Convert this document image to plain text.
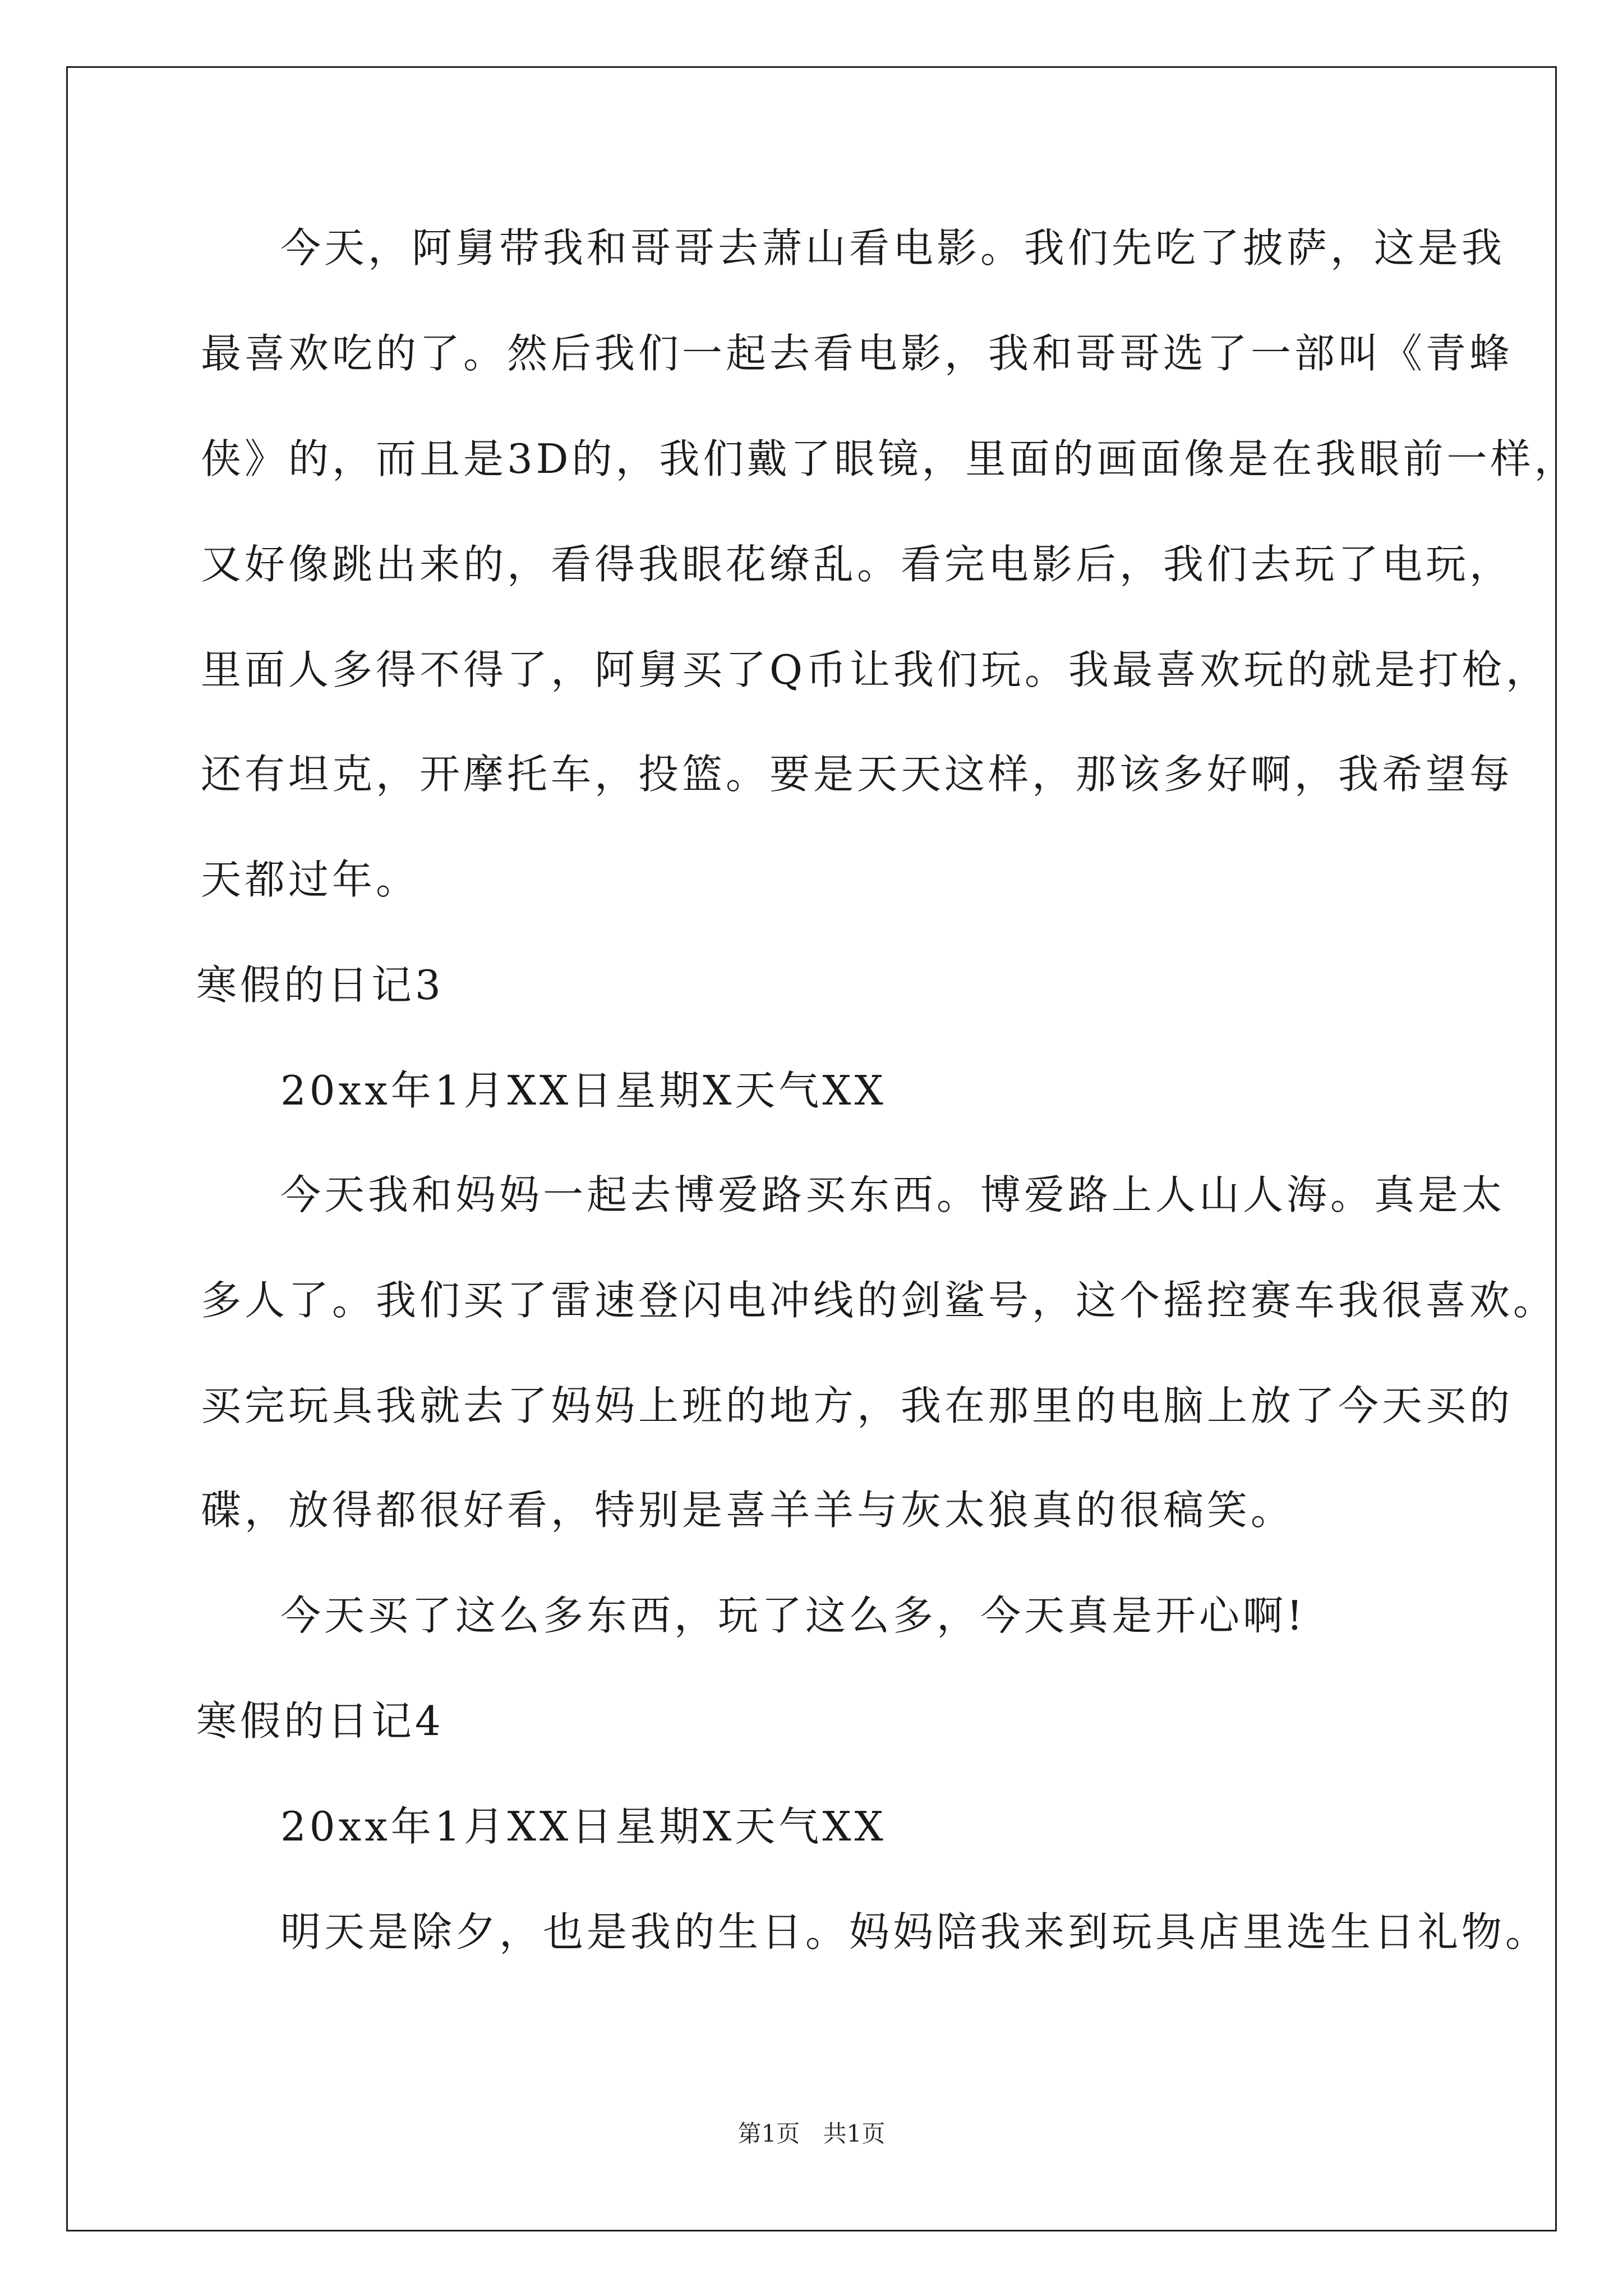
今天，阿舅带我和哥哥去萧山看电影。我们先吃了披萨，这是我
最喜欢吃的了。然后我们一起去看电影，我和哥哥选了一部叫《青蜂
侠》的，而且是3D的，我们戴了眼镜，里面的画面像是在我眼前一样，
又好像跳出来的，看得我眼花缭乱。看完电影后，我们去玩了电玩，
里面人多得不得了，阿舅买了Q币让我们玩。我最喜欢玩的就是打枪，
还有坦克，开摩托车，投篮。要是天天这样，那该多好啊，我希望每
天都过年。
寒假的日记3
20xx年1月XX日星期X天气XX
今天我和妈妈一起去博爱路买东西。博爱路上人山人海。真是太
多人了。我们买了雷速登闪电冲线的剑鲨号，这个摇控赛车我很喜欢。
买完玩具我就去了妈妈上班的地方，我在那里的电脑上放了今天买的
碟，放得都很好看，特别是喜羊羊与灰太狼真的很稿笑。
今天买了这么多东西，玩了这么多，今天真是开心啊!
寒假的日记4
20xx年1月XX日星期X天气XX
明天是除夕，也是我的生日。妈妈陪我来到玩具店里选生日礼物。
第1页 共1页
